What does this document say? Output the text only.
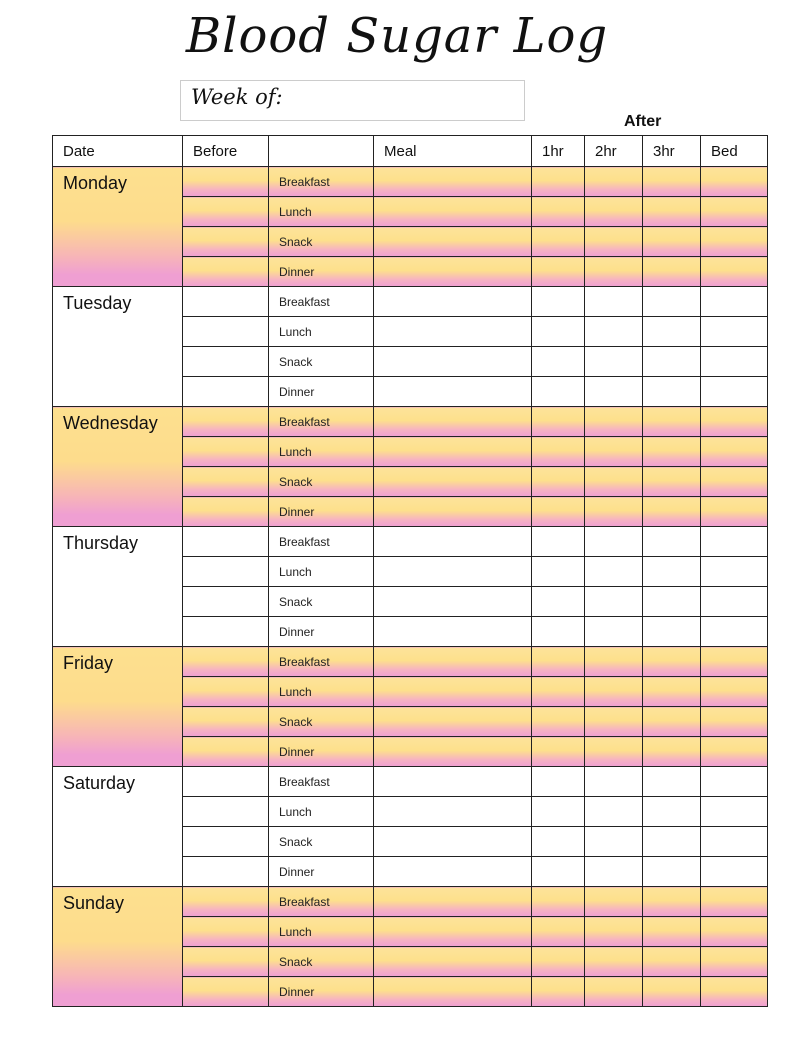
Blood Sugar Log
Week of:
After
Date	Before		Meal	1hr	2hr	3hr	Bed
Monday		Breakfast					
		Lunch					
		Snack					
		Dinner					
Tuesday		Breakfast					
		Lunch					
		Snack					
		Dinner					
Wednesday		Breakfast					
		Lunch					
		Snack					
		Dinner					
Thursday		Breakfast					
		Lunch					
		Snack					
		Dinner					
Friday		Breakfast					
		Lunch					
		Snack					
		Dinner					
Saturday		Breakfast					
		Lunch					
		Snack					
		Dinner					
Sunday		Breakfast					
		Lunch					
		Snack					
		Dinner					
